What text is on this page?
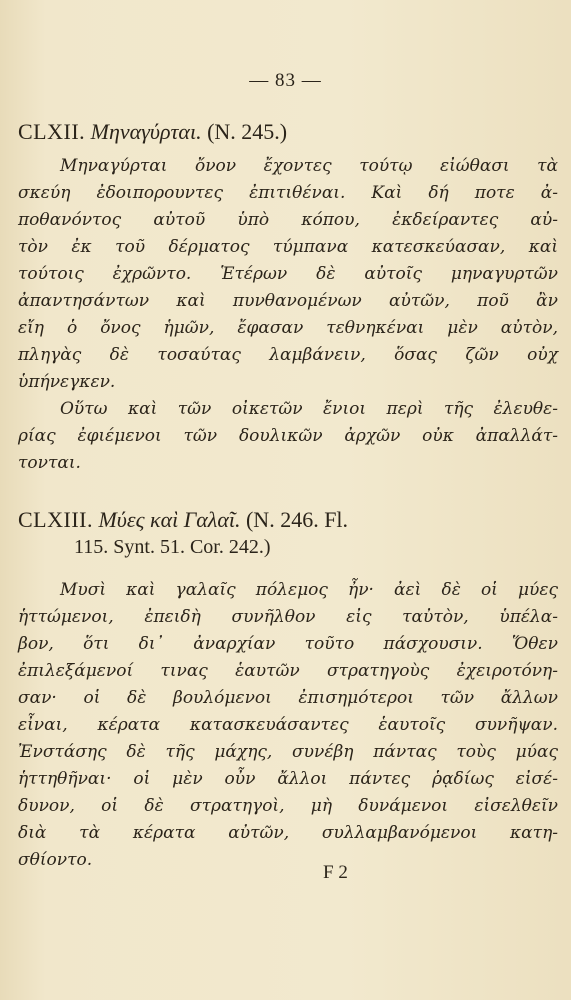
— 83 —
CLXII. Μηναγύρται. (N. 245.)
Μηναγύρται ὄνον ἔχοντες τούτῳ εἰώθασι τὰ
σκεύη ἐδοιπορουντες ἐπιτιθέναι. Καὶ δή ποτε ἀ-
ποθανόντος αὐτοῦ ὑπὸ κόπου, ἐκδείραντες αὐ-
τὸν ἐκ τοῦ δέρματος τύμπανα κατεσκεύασαν, καὶ
τούτοις ἐχρῶντο. Ἑτέρων δὲ αὐτοῖς μηναγυρτῶν
ἀπαντησάντων καὶ πυνθανομένων αὐτῶν, ποῦ ἂν
εἴη ὁ ὄνος ἡμῶν, ἔφασαν τεθνηκέναι μὲν αὐτὸν,
πληγὰς δὲ τοσαύτας λαμβάνειν, ὅσας ζῶν οὐχ
ὑπήνεγκεν.
Οὕτω καὶ τῶν οἰκετῶν ἔνιοι περὶ τῆς ἐλευθε-
ρίας ἐφιέμενοι τῶν δουλικῶν ἀρχῶν οὐκ ἀπαλλάτ-
τονται.
CLXIII. Μύες καὶ Γαλαῖ. (N. 246. Fl.
115. Synt. 51. Cor. 242.)
Μυσὶ καὶ γαλαῖς πόλεμος ἦν· ἀεὶ δὲ οἱ μύες
ἡττώμενοι, ἐπειδὴ συνῆλθον εἰς ταὐτὸν, ὑπέλα-
βον, ὅτι δι᾽ ἀναρχίαν τοῦτο πάσχουσιν. Ὅθεν
ἐπιλεξάμενοί τινας ἑαυτῶν στρατηγοὺς ἐχειροτόνη-
σαν· οἱ δὲ βουλόμενοι ἐπισημότεροι τῶν ἄλλων
εἶναι, κέρατα κατασκευάσαντες ἑαυτοῖς συνῆψαν.
Ἐνστάσης δὲ τῆς μάχης, συνέβη πάντας τοὺς μύας
ἡττηθῆναι· οἱ μὲν οὖν ἄλλοι πάντες ῥᾳδίως εἰσέ-
δυνον, οἱ δὲ στρατηγοὶ, μὴ δυνάμενοι εἰσελθεῖν
διὰ τὰ κέρατα αὐτῶν, συλλαμβανόμενοι κατη-
σθίοντο.
F 2
